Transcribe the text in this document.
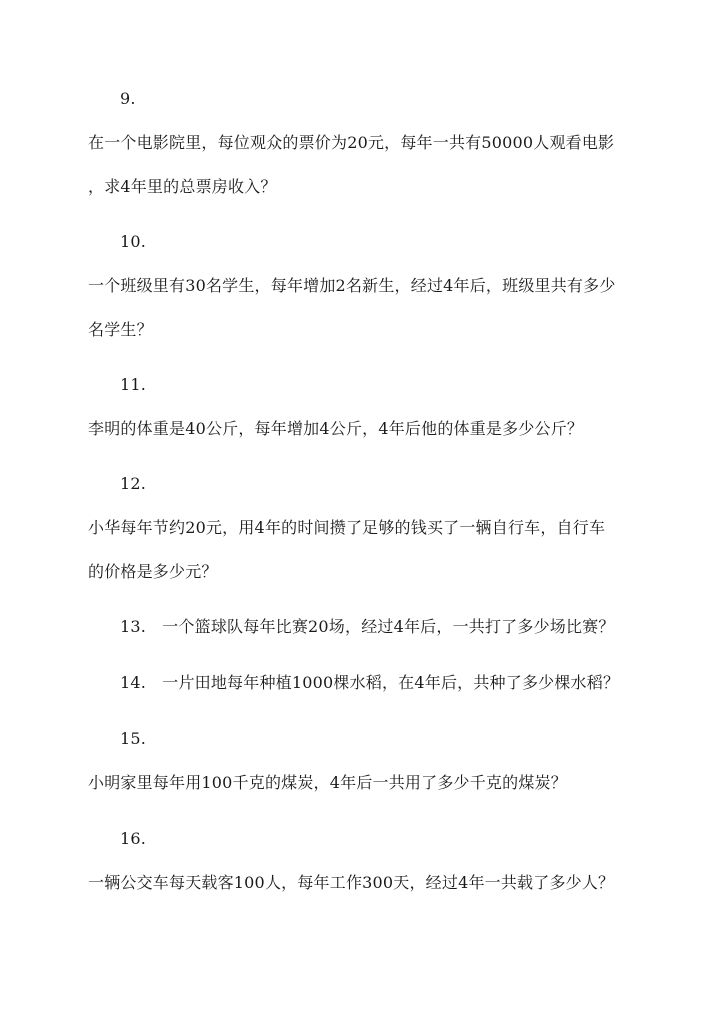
9.
在一个电影院里，每位观众的票价为20元，每年一共有50000人观看电影
，求4年里的总票房收入？
10.
一个班级里有30名学生，每年增加2名新生，经过4年后，班级里共有多少
名学生？
11.
李明的体重是40公斤，每年增加4公斤，4年后他的体重是多少公斤？
12.
小华每年节约20元，用4年的时间攒了足够的钱买了一辆自行车，自行车
的价格是多少元？
13.　一个篮球队每年比赛20场，经过4年后，一共打了多少场比赛？
14.　一片田地每年种植1000棵水稻，在4年后，共种了多少棵水稻？
15.
小明家里每年用100千克的煤炭，4年后一共用了多少千克的煤炭？
16.
一辆公交车每天载客100人，每年工作300天，经过4年一共载了多少人？
